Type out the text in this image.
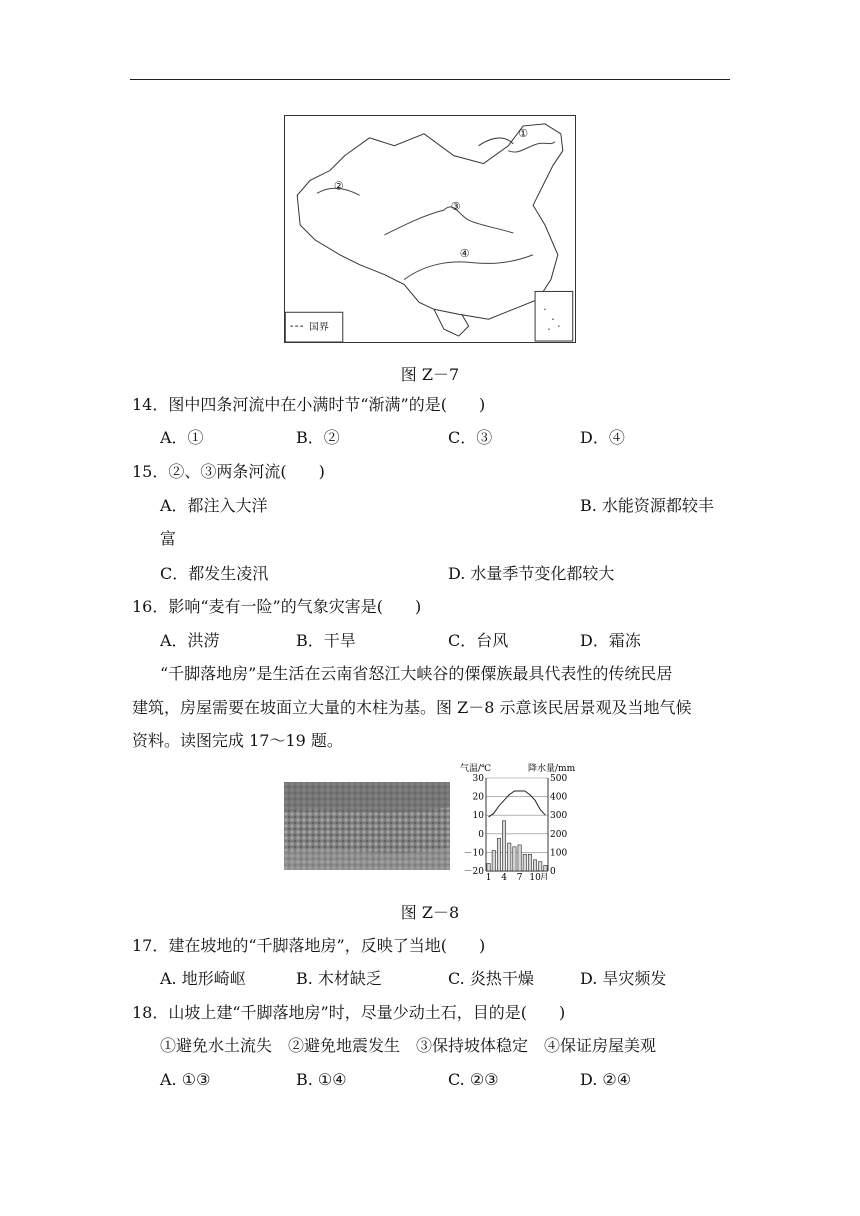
①
②
③
④
国界
图 Z－7
14．图中四条河流中在小满时节“渐满”的是(　　)
A．①	B．②	C．③	D．④
15．②、③两条河流(　　)
A．都注入大洋	B. 水能资源都较丰
富
C．都发生凌汛	D. 水量季节变化都较大
16．影响“麦有一险”的气象灾害是(　　)
A．洪涝	B．干旱	C．台风	D．霜冻
“千脚落地房”是生活在云南省怒江大峡谷的傈僳族最具代表性的传统民居
建筑，房屋需要在坡面立大量的木柱为基。图 Z－8 示意该民居景观及当地气候
资料。读图完成 17～19 题。
气温/℃	降水量/mm
30
20
10
0
－10
－20
500
400
300
200
100
0
1 4 7 10
月
图 Z－8
17．建在坡地的“千脚落地房”，反映了当地(　　)
A. 地形崎岖	B. 木材缺乏	C. 炎热干燥	D. 旱灾频发
18．山坡上建“千脚落地房”时，尽量少动土石，目的是(　　)
①避免水土流失　②避免地震发生　③保持坡体稳定　④保证房屋美观
A. ①③	B. ①④	C. ②③	D. ②④
